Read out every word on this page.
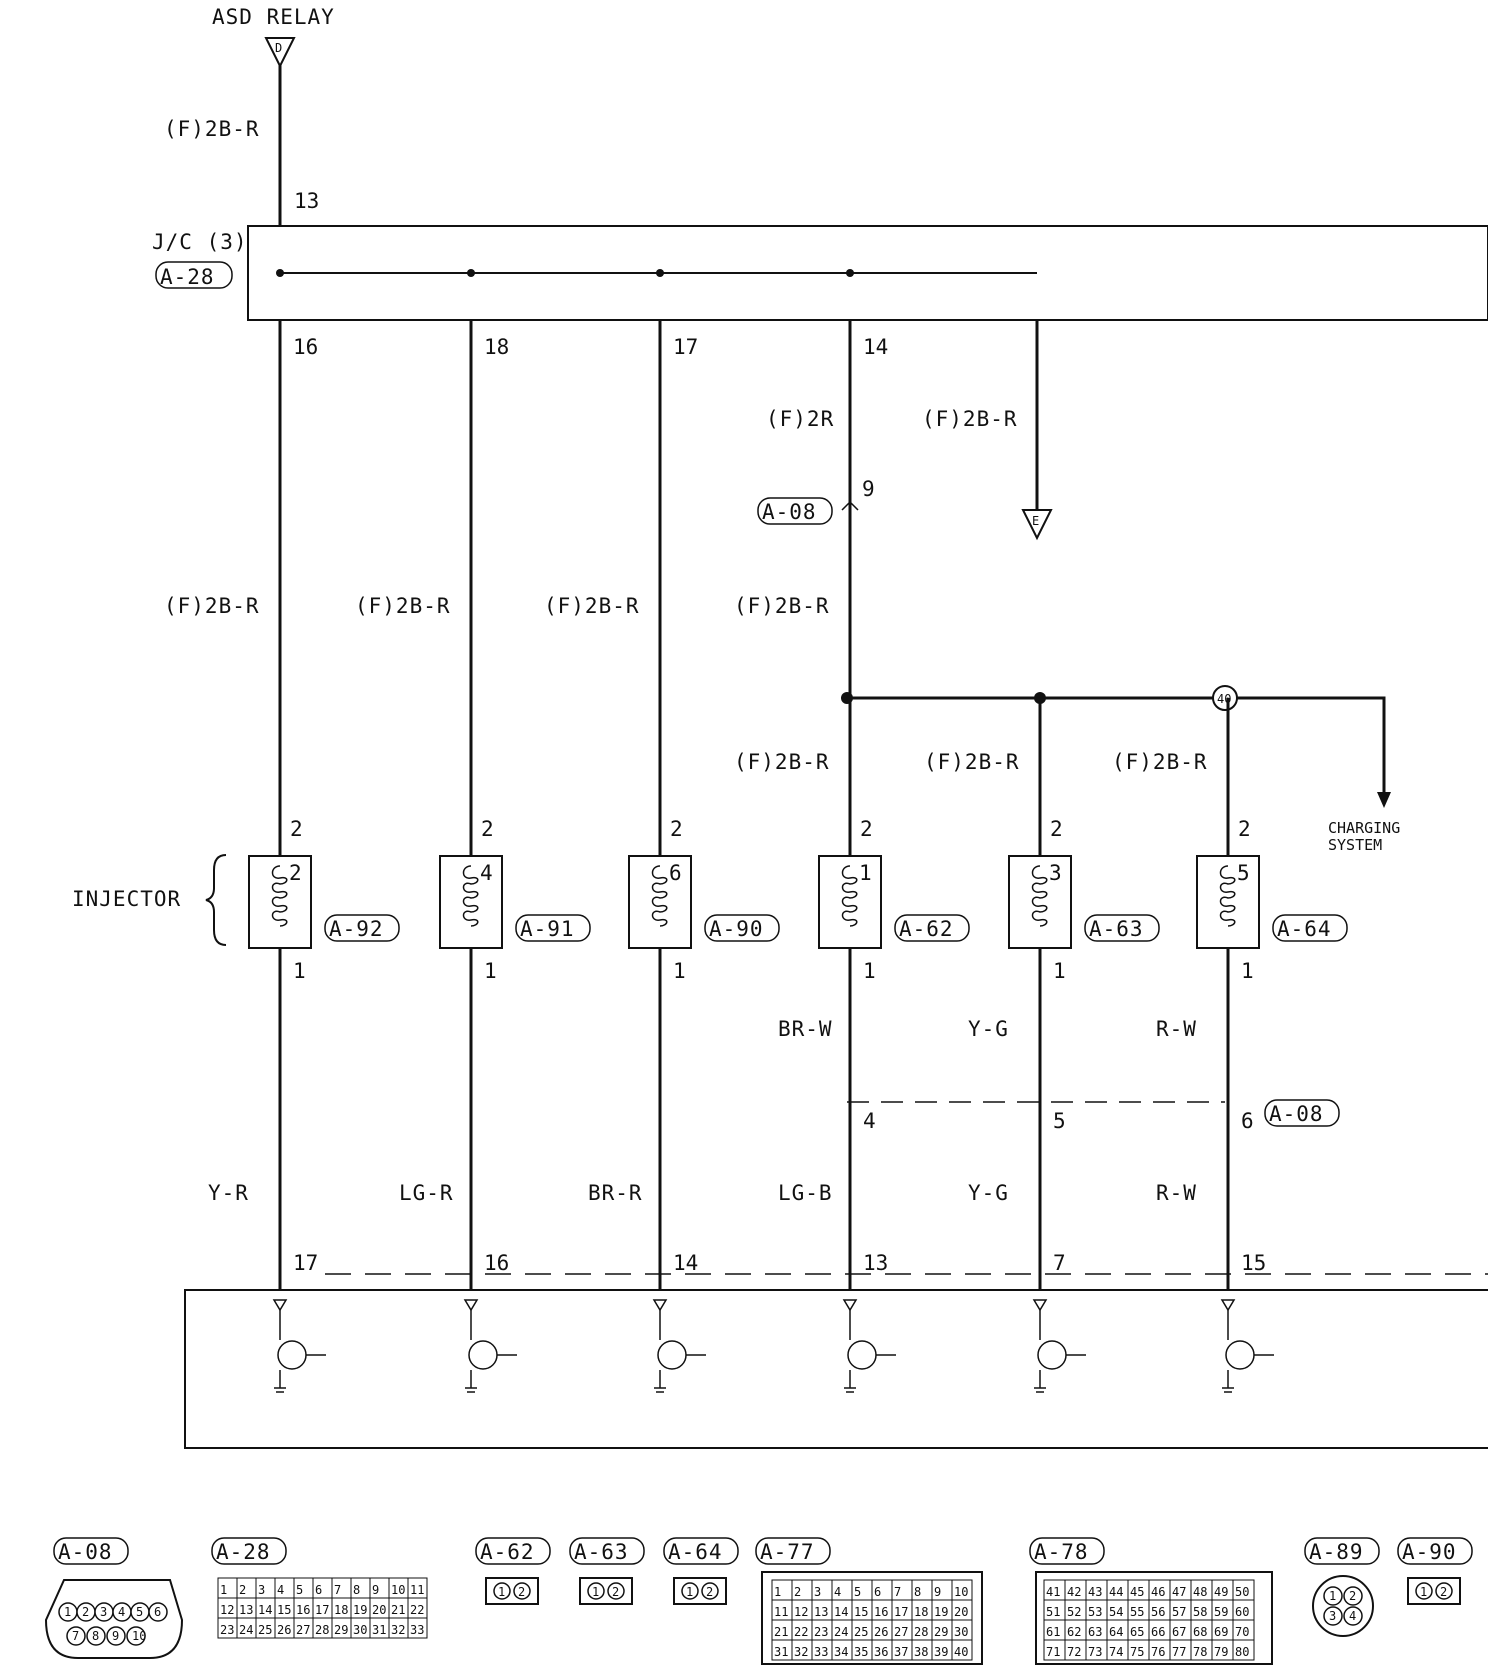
D
ASD RELAY
(F)2B-R
13
J/C (3)
A-28
E
(F)2B-R
(F)2R
A-08
9
40
CHARGING
SYSTEM
INJECTOR
A-08
16
(F)2B-R
2
2
A-92
1
Y-R
17
18
(F)2B-R
2
4
A-91
1
LG-R
16
17
(F)2B-R
2
6
A-90
1
BR-R
14
14
(F)2B-R
(F)2B-R
2
1
A-62
1
BR-W
4
LG-B
13
(F)2B-R
2
3
A-63
1
Y-G
5
Y-G
7
(F)2B-R
2
5
A-64
1
R-W
6
R-W
15
A-08
1 2 3 4 5 6
7 8 9 10
A-28
1 2 3 4 5 6 7 8 9 10 11
12 13 14 15 16 17 18 19 20 21 22
23 24 25 26 27 28 29 30 31 32 33
A-62
1 2
A-63
1 2
A-64
1 2
A-90
1 2
A-77
1 2 3 4 5 6 7 8 9 10
11 12 13 14 15 16 17 18 19 20
21 22 23 24 25 26 27 28 29 30
31 32 33 34 35 36 37 38 39 40
A-78
41 42 43 44 45 46 47 48 49 50
51 52 53 54 55 56 57 58 59 60
61 62 63 64 65 66 67 68 69 70
71 72 73 74 75 76 77 78 79 80
A-89
1 2
3 4
